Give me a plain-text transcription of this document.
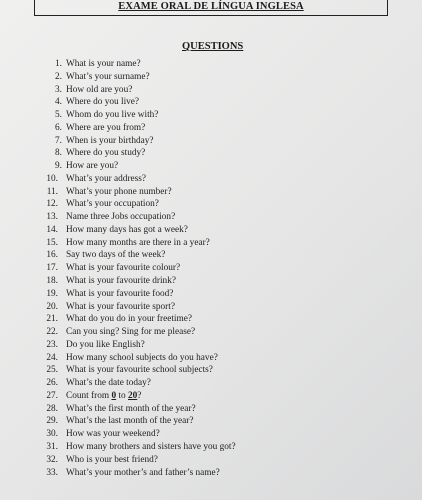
EXAME ORAL DE LÍNGUA INGLESA
QUESTIONS
1. What is your name?
2. What’s your surname?
3. How old are you?
4. Where do you live?
5. Whom do you live with?
6. Where are you from?
7. When is your birthday?
8. Where do you study?
9. How are you?
10. What’s your address?
11. What’s your phone number?
12. What’s your occupation?
13. Name three Jobs occupation?
14. How many days has got a week?
15. How many months are there in a year?
16. Say two days of the week?
17. What is your favourite colour?
18. What is your favourite drink?
19. What is your favourite food?
20. What is your favourite sport?
21. What do you do in your freetime?
22. Can you sing? Sing for me please?
23. Do you like English?
24. How many school subjects do you have?
25. What is your favourite school subjects?
26. What’s the date today?
27. Count from 0 to 20?
28. What’s the first month of the year?
29. What’s the last month of the year?
30. How was your weekend?
31. How many brothers and sisters have you got?
32. Who is your best friend?
33. What’s your mother’s and father’s name?
